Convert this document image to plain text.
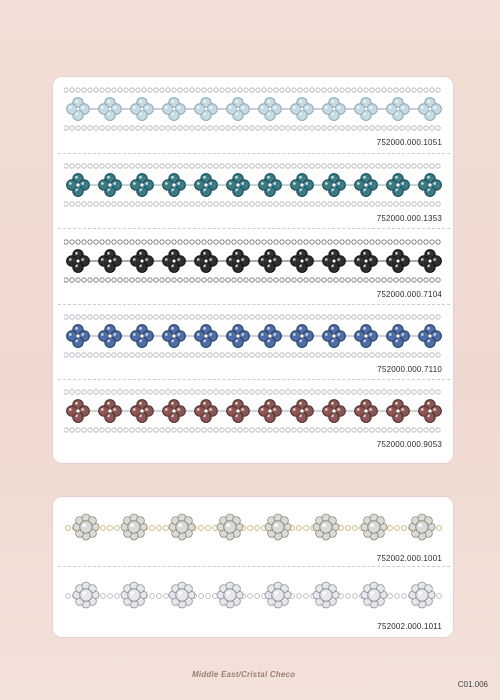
752000.000.1051
752000.000.1353
752000.000.7104
752000.000.7110
752000.000.9053
752002.000.1001
752002.000.1011
Middle East/Cristal Checo
C01.006
